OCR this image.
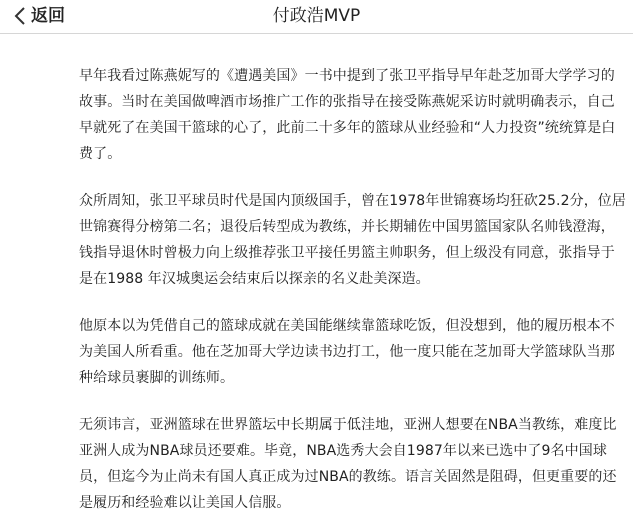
返回	付政浩MVP

早年我看过陈燕妮写的《遭遇美国》一书中提到了张卫平指导早年赴芝加哥大学学习的故事。当时在美国做啤酒市场推广工作的张指导在接受陈燕妮采访时就明确表示，自己早就死了在美国干篮球的心了，此前二十多年的篮球从业经验和“人力投资”统统算是白费了。

众所周知，张卫平球员时代是国内顶级国手，曾在1978年世锦赛场均狂砍25.2分，位居世锦赛得分榜第二名；退役后转型成为教练，并长期辅佐中国男篮国家队名帅钱澄海，钱指导退休时曾极力向上级推荐张卫平接任男篮主帅职务，但上级没有同意，张指导于是在1988 年汉城奥运会结束后以探亲的名义赴美深造。

他原本以为凭借自己的篮球成就在美国能继续靠篮球吃饭，但没想到，他的履历根本不为美国人所看重。他在芝加哥大学边读书边打工，他一度只能在芝加哥大学篮球队当那种给球员裹脚的训练师。

无须讳言，亚洲篮球在世界篮坛中长期属于低洼地，亚洲人想要在NBA当教练，难度比亚洲人成为NBA球员还要难。毕竟，NBA选秀大会自1987年以来已选中了9名中国球员，但迄今为止尚未有国人真正成为过NBA的教练。语言关固然是阻碍，但更重要的还是履历和经验难以让美国人信服。
